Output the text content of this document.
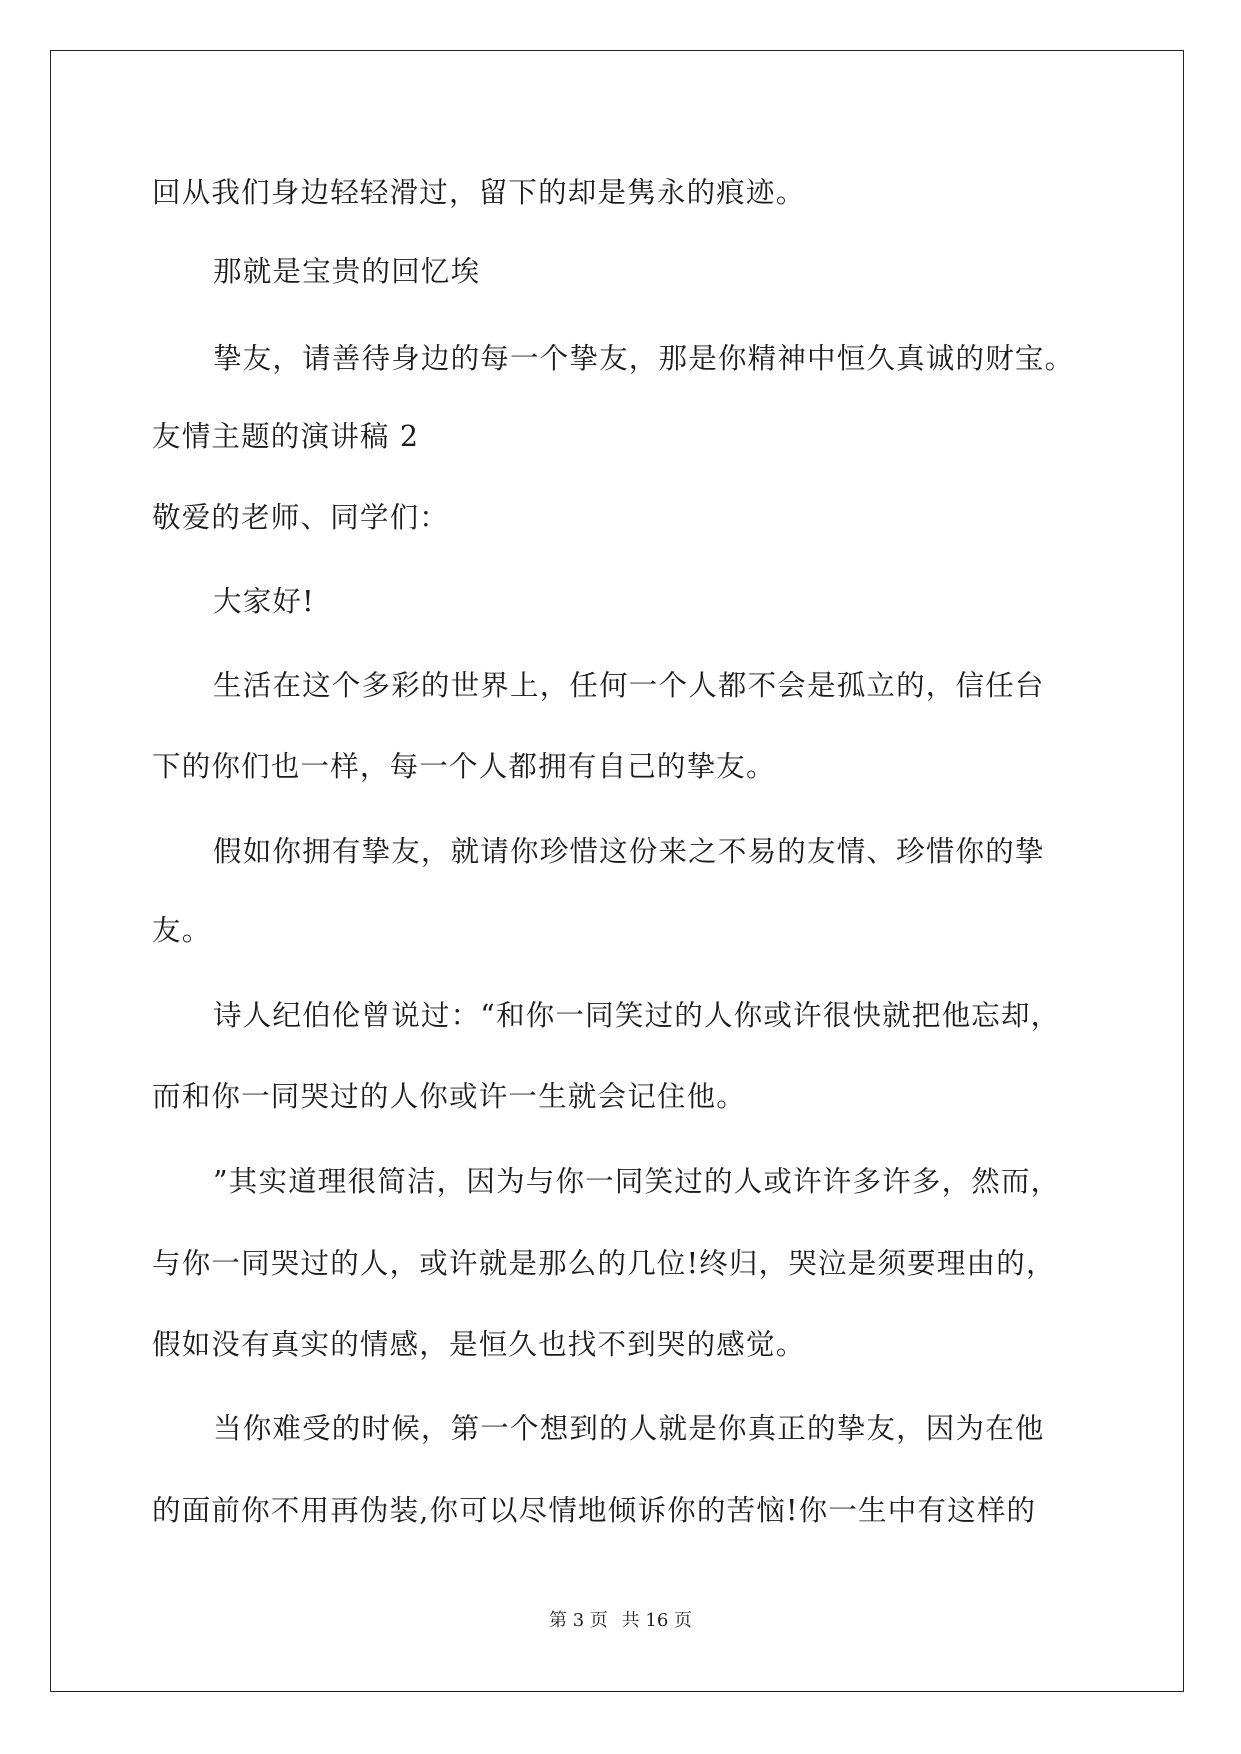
回从我们身边轻轻滑过，留下的却是隽永的痕迹。

那就是宝贵的回忆埃

挚友，请善待身边的每一个挚友，那是你精神中恒久真诚的财宝。

友情主题的演讲稿 2

敬爱的老师、同学们：

大家好!

生活在这个多彩的世界上，任何一个人都不会是孤立的，信任台

下的你们也一样，每一个人都拥有自己的挚友。

假如你拥有挚友，就请你珍惜这份来之不易的友情、珍惜你的挚

友。

诗人纪伯伦曾说过：“和你一同笑过的人你或许很快就把他忘却，

而和你一同哭过的人你或许一生就会记住他。

”其实道理很简洁，因为与你一同笑过的人或许许多许多，然而，

与你一同哭过的人，或许就是那么的几位!终归，哭泣是须要理由的，

假如没有真实的情感，是恒久也找不到哭的感觉。

当你难受的时候，第一个想到的人就是你真正的挚友，因为在他

的面前你不用再伪装,你可以尽情地倾诉你的苦恼!你一生中有这样的

第 3 页 共 16 页
